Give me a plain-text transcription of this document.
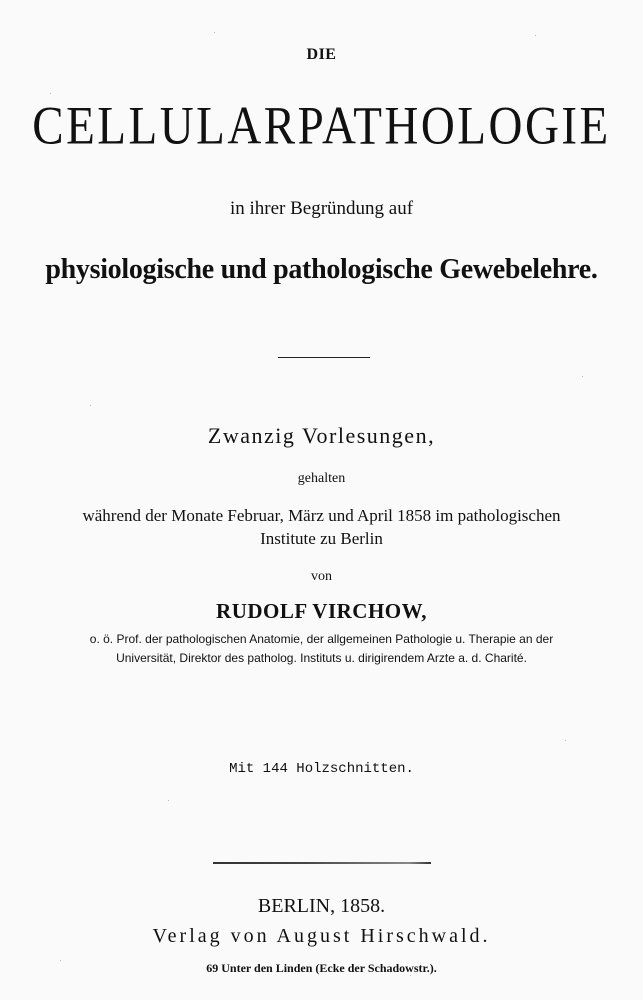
DIE
CELLULARPATHOLOGIE
in ihrer Begründung auf
physiologische und pathologische Gewebelehre.
Zwanzig Vorlesungen,
gehalten
während der Monate Februar, März und April 1858 im pathologischen
Institute zu Berlin
von
RUDOLF VIRCHOW,
o. ö. Prof. der pathologischen Anatomie, der allgemeinen Pathologie u. Therapie an der
Universität, Direktor des patholog. Instituts u. dirigirendem Arzte a. d. Charité.
Mit 144 Holzschnitten.
BERLIN, 1858.
Verlag von August Hirschwald.
69 Unter den Linden (Ecke der Schadowstr.).
